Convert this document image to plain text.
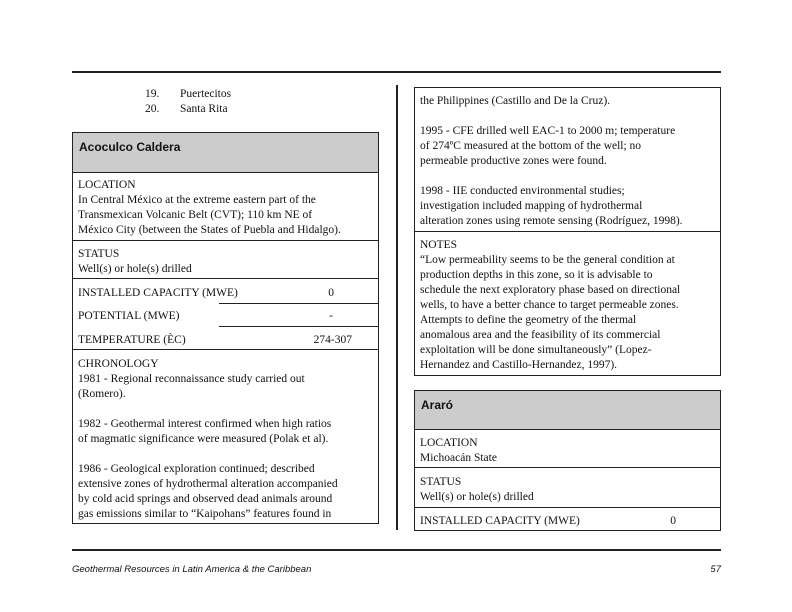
19. Puertecitos
20. Santa Rita
Acoculco Caldera
LOCATION
In Central México at the extreme eastern part of the
Transmexican Volcanic Belt (CVT); 110 km NE of
México City (between the States of Puebla and Hidalgo).
STATUS
Well(s) or hole(s) drilled
INSTALLED CAPACITY (MWE)	0
POTENTIAL (MWE)	-
TEMPERATURE (ÈC)	274-307
CHRONOLOGY
1981 - Regional reconnaissance study carried out
(Romero).
1982 - Geothermal interest confirmed when high ratios
of magmatic significance were measured (Polak et al).
1986 - Geological exploration continued; described
extensive zones of hydrothermal alteration accompanied
by cold acid springs and observed dead animals around
gas emissions similar to “Kaipohans” features found in
the Philippines (Castillo and De la Cruz).
1995 - CFE drilled well EAC-1 to 2000 m; temperature
of 274ºC measured at the bottom of the well; no
permeable productive zones were found.
1998 - IIE conducted environmental studies;
investigation included mapping of hydrothermal
alteration zones using remote sensing (Rodríguez, 1998).
NOTES
“Low permeability seems to be the general condition at
production depths in this zone, so it is advisable to
schedule the next exploratory phase based on directional
wells, to have a better chance to target permeable zones.
Attempts to define the geometry of the thermal
anomalous area and the feasibility of its commercial
exploitation will be done simultaneously” (Lopez-
Hernandez and Castillo-Hernandez, 1997).
Araró
LOCATION
Michoacán State
STATUS
Well(s) or hole(s) drilled
INSTALLED CAPACITY (MWE)	0
Geothermal Resources in Latin America & the Caribbean	57
